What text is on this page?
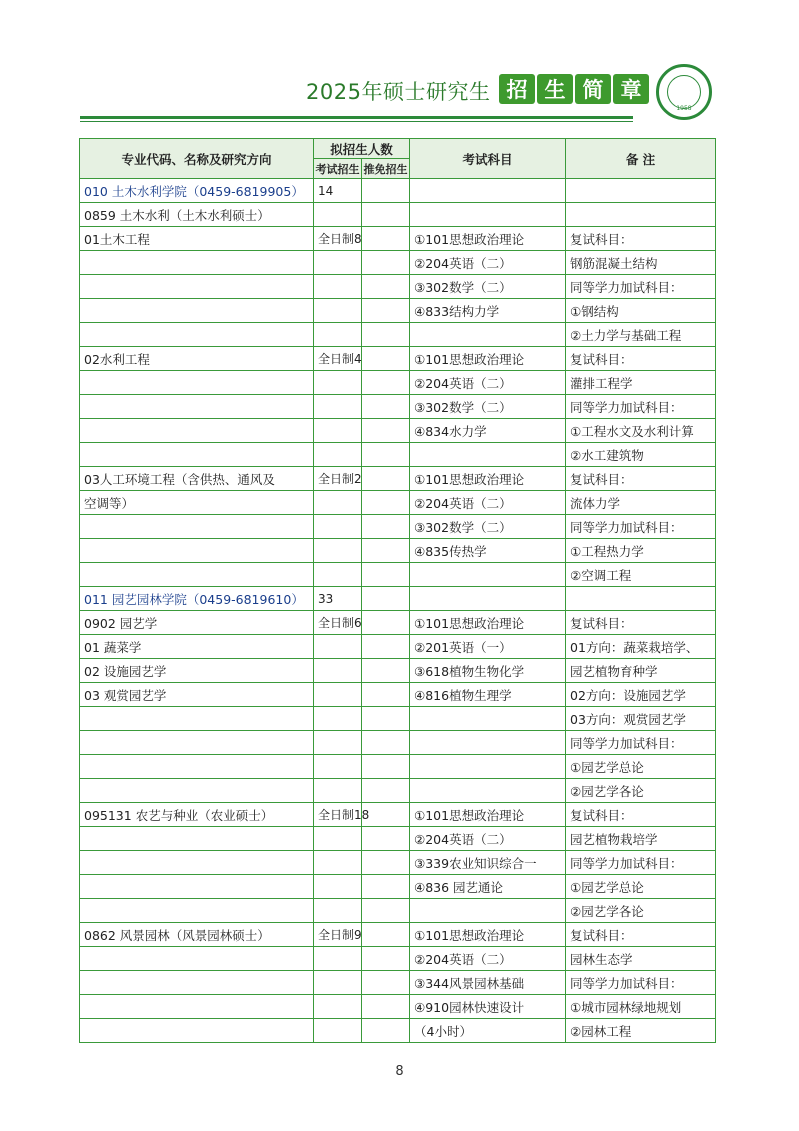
2025年硕士研究生 招 生 简 章
1958
专业代码、名称及研究方向	拟招生人数		考试科目	备 注
	考试招生	推免招生		
010 土木水利学院（0459-6819905）	14			
0859 土木水利（土木水利硕士）				
01土木工程	全日制8		①101思想政治理论	复试科目：
			②204英语（二）	钢筋混凝土结构
			③302数学（二）	同等学力加试科目：
			④833结构力学	①钢结构
				②土力学与基础工程
02水利工程	全日制4		①101思想政治理论	复试科目：
			②204英语（二）	灌排工程学
			③302数学（二）	同等学力加试科目：
			④834水力学	①工程水文及水利计算
				②水工建筑物
03人工环境工程（含供热、通风及	全日制2		①101思想政治理论	复试科目：
空调等）			②204英语（二）	流体力学
			③302数学（二）	同等学力加试科目：
			④835传热学	①工程热力学
				②空调工程
011 园艺园林学院（0459-6819610）	33			
0902 园艺学	全日制6		①101思想政治理论	复试科目：
01 蔬菜学			②201英语（一）	01方向：蔬菜栽培学、
02 设施园艺学			③618植物生物化学	园艺植物育种学
03 观赏园艺学			④816植物生理学	02方向：设施园艺学
				03方向：观赏园艺学
				同等学力加试科目：
				①园艺学总论
				②园艺学各论
095131 农艺与种业（农业硕士）	全日制18		①101思想政治理论	复试科目：
			②204英语（二）	园艺植物栽培学
			③339农业知识综合一	同等学力加试科目：
			④836 园艺通论	①园艺学总论
				②园艺学各论
0862 风景园林（风景园林硕士）	全日制9		①101思想政治理论	复试科目：
			②204英语（二）	园林生态学
			③344风景园林基础	同等学力加试科目：
			④910园林快速设计	①城市园林绿地规划
			（4小时）	②园林工程
8
